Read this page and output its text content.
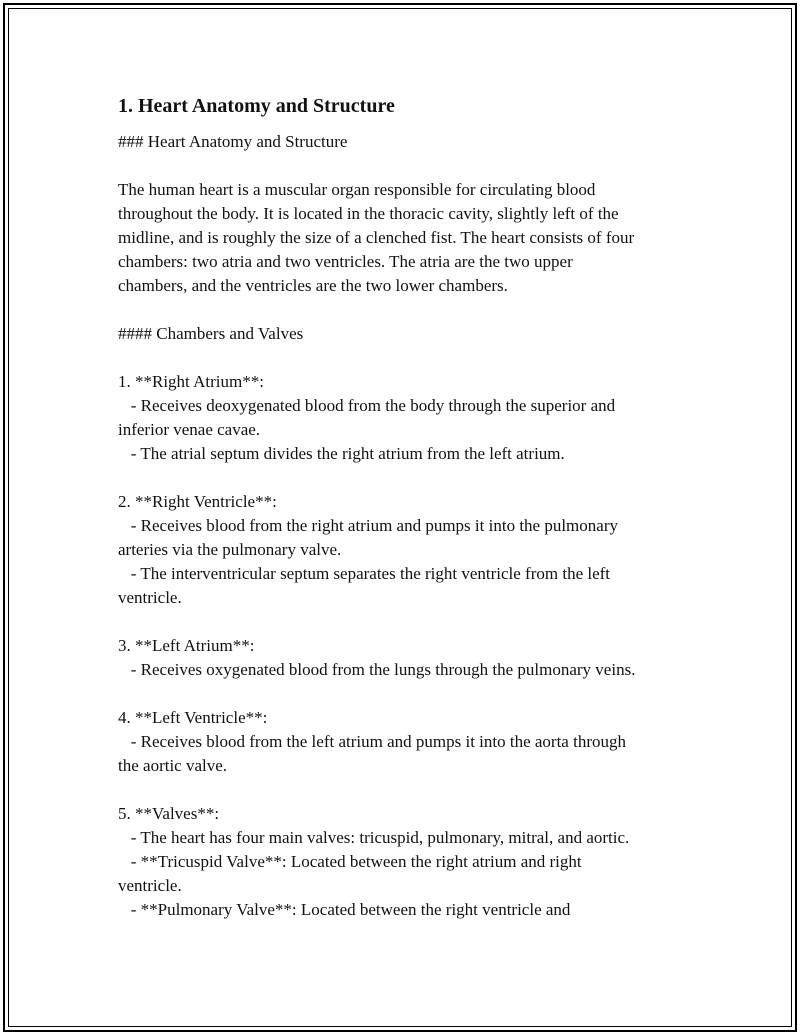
1. Heart Anatomy and Structure

### Heart Anatomy and Structure

The human heart is a muscular organ responsible for circulating blood

throughout the body. It is located in the thoracic cavity, slightly left of the

midline, and is roughly the size of a clenched fist. The heart consists of four

chambers: two atria and two ventricles. The atria are the two upper

chambers, and the ventricles are the two lower chambers.

#### Chambers and Valves

1. **Right Atrium**:

- Receives deoxygenated blood from the body through the superior and

inferior venae cavae.

- The atrial septum divides the right atrium from the left atrium.

2. **Right Ventricle**:

- Receives blood from the right atrium and pumps it into the pulmonary

arteries via the pulmonary valve.

- The interventricular septum separates the right ventricle from the left

ventricle.

3. **Left Atrium**:

- Receives oxygenated blood from the lungs through the pulmonary veins.

4. **Left Ventricle**:

- Receives blood from the left atrium and pumps it into the aorta through

the aortic valve.

5. **Valves**:

- The heart has four main valves: tricuspid, pulmonary, mitral, and aortic.

- **Tricuspid Valve**: Located between the right atrium and right

ventricle.

- **Pulmonary Valve**: Located between the right ventricle and
